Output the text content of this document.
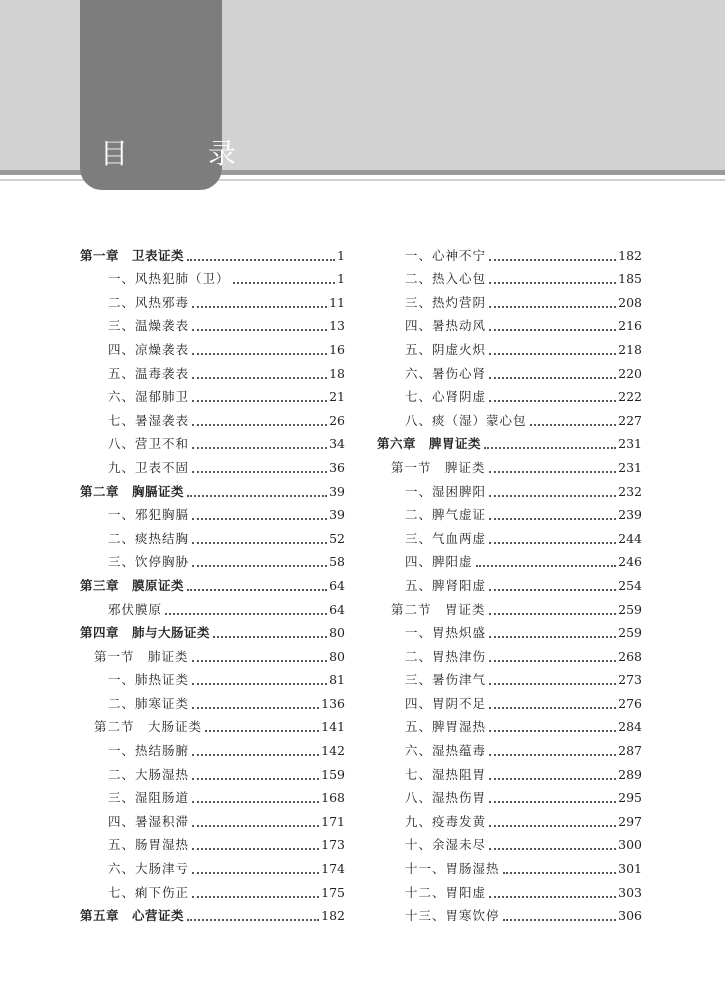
目　录
第一章　卫表证类	1
一、风热犯肺（卫）	1
二、风热邪毒	11
三、温燥袭表	13
四、凉燥袭表	16
五、温毒袭表	18
六、湿郁肺卫	21
七、暑湿袭表	26
八、营卫不和	34
九、卫表不固	36
第二章　胸膈证类	39
一、邪犯胸膈	39
二、痰热结胸	52
三、饮停胸胁	58
第三章　膜原证类	64
邪伏膜原	64
第四章　肺与大肠证类	80
第一节　肺证类	80
一、肺热证类	81
二、肺寒证类	136
第二节　大肠证类	141
一、热结肠腑	142
二、大肠湿热	159
三、湿阻肠道	168
四、暑湿积滞	171
五、肠胃湿热	173
六、大肠津亏	174
七、痢下伤正	175
第五章　心营证类	182
一、心神不宁	182
二、热入心包	185
三、热灼营阴	208
四、暑热动风	216
五、阴虚火炽	218
六、暑伤心肾	220
七、心肾阴虚	222
八、痰（湿）蒙心包	227
第六章　脾胃证类	231
第一节　脾证类	231
一、湿困脾阳	232
二、脾气虚证	239
三、气血两虚	244
四、脾阳虚	246
五、脾肾阳虚	254
第二节　胃证类	259
一、胃热炽盛	259
二、胃热津伤	268
三、暑伤津气	273
四、胃阴不足	276
五、脾胃湿热	284
六、湿热蕴毒	287
七、湿热阻胃	289
八、湿热伤胃	295
九、疫毒发黄	297
十、余湿未尽	300
十一、胃肠湿热	301
十二、胃阳虚	303
十三、胃寒饮停	306
